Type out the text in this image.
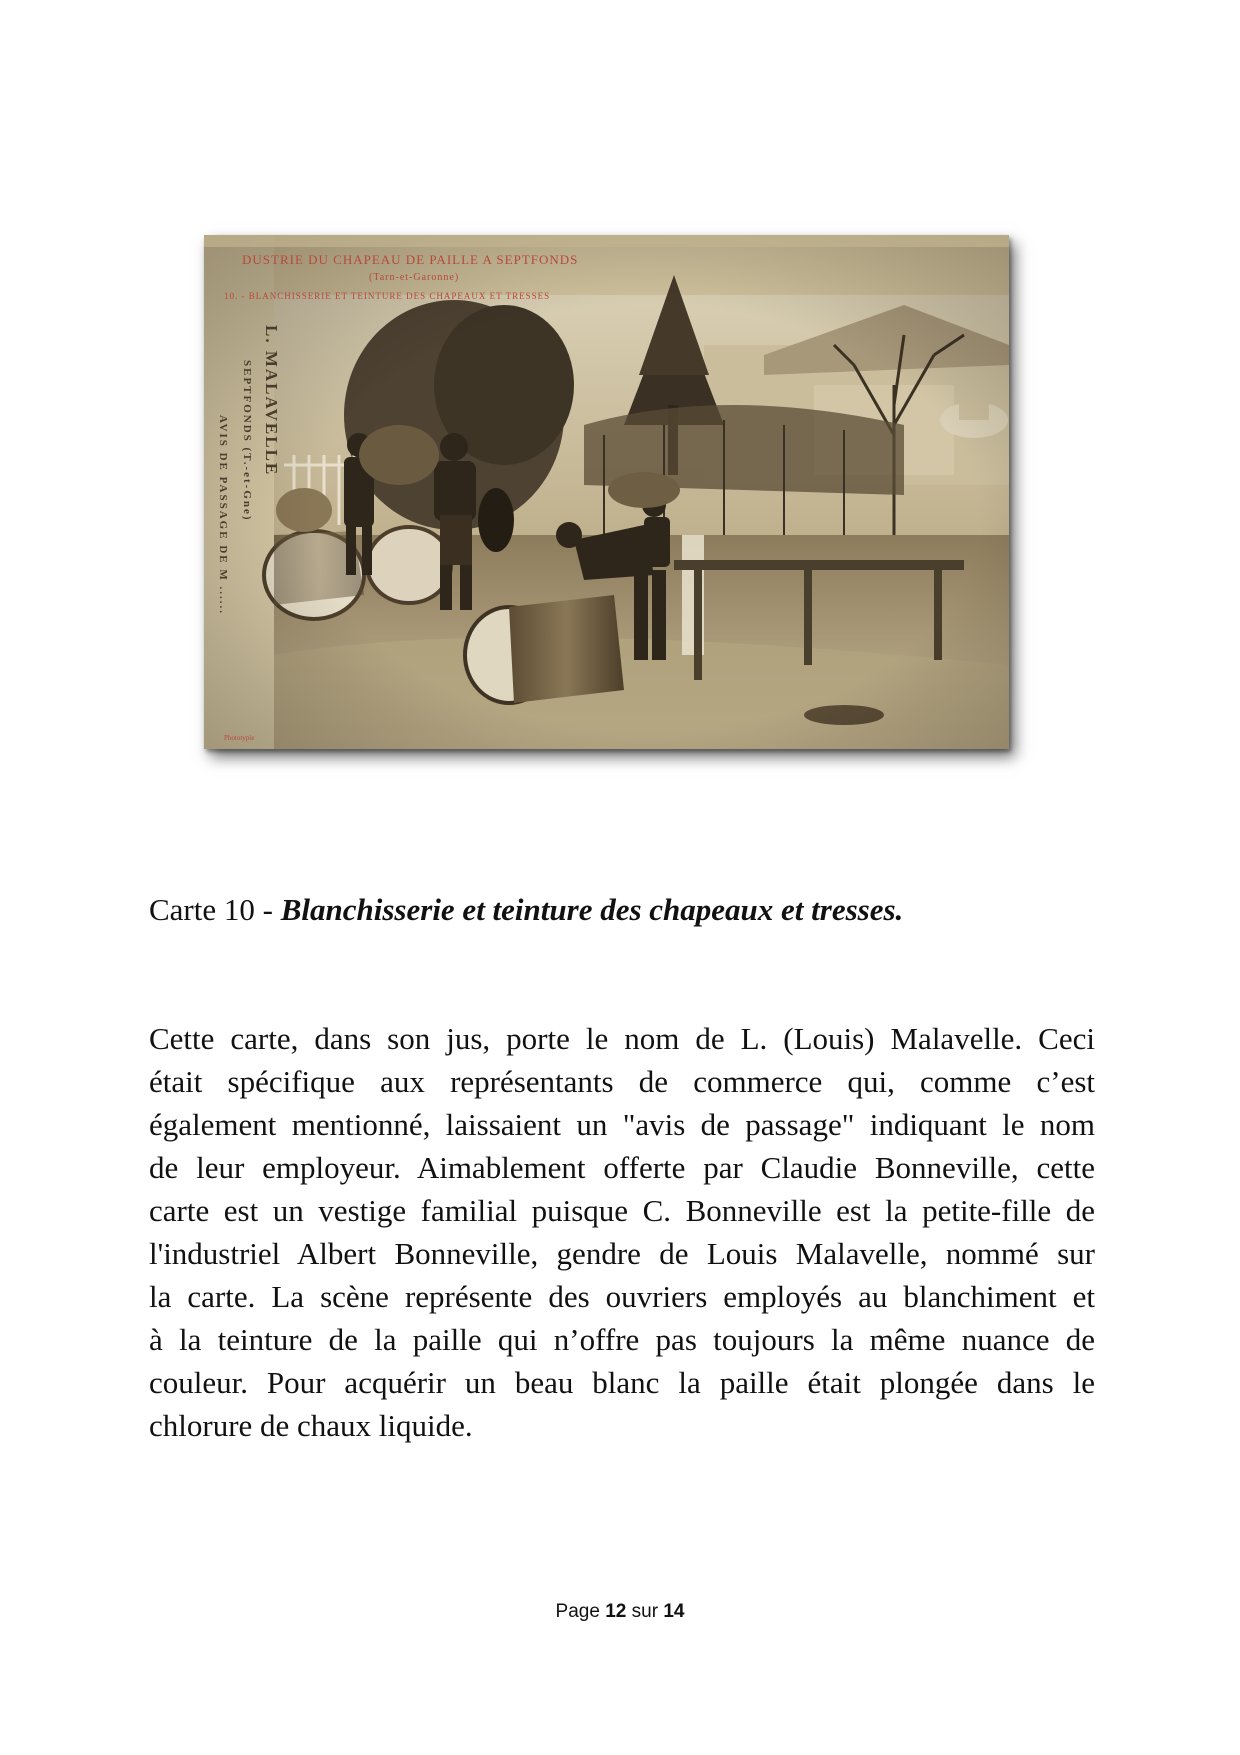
DUSTRIE DU CHAPEAU DE PAILLE A SEPTFONDS
(Tarn-et-Garonne)
10. - BLANCHISSERIE ET TEINTURE DES CHAPEAUX ET TRESSES
L. MALAVELLE
SEPTFONDS (T.-et-Gne)
AVIS DE PASSAGE DE M ......
Phototypie
Carte 10 - Blanchisserie et teinture des chapeaux et tresses.
Cette carte, dans son jus, porte le nom de L. (Louis) Malavelle. Ceci
était spécifique aux représentants de commerce qui, comme c’est
également mentionné, laissaient un "avis de passage" indiquant le nom
de leur employeur. Aimablement offerte par Claudie Bonneville, cette
carte est un vestige familial puisque C. Bonneville est la petite-fille de
l'industriel Albert Bonneville, gendre de Louis Malavelle, nommé sur
la carte. La scène représente des ouvriers employés au blanchiment et
à la teinture de la paille qui n’offre pas toujours la même nuance de
couleur. Pour acquérir un beau blanc la paille était plongée dans le
chlorure de chaux liquide.
Page 12 sur 14
